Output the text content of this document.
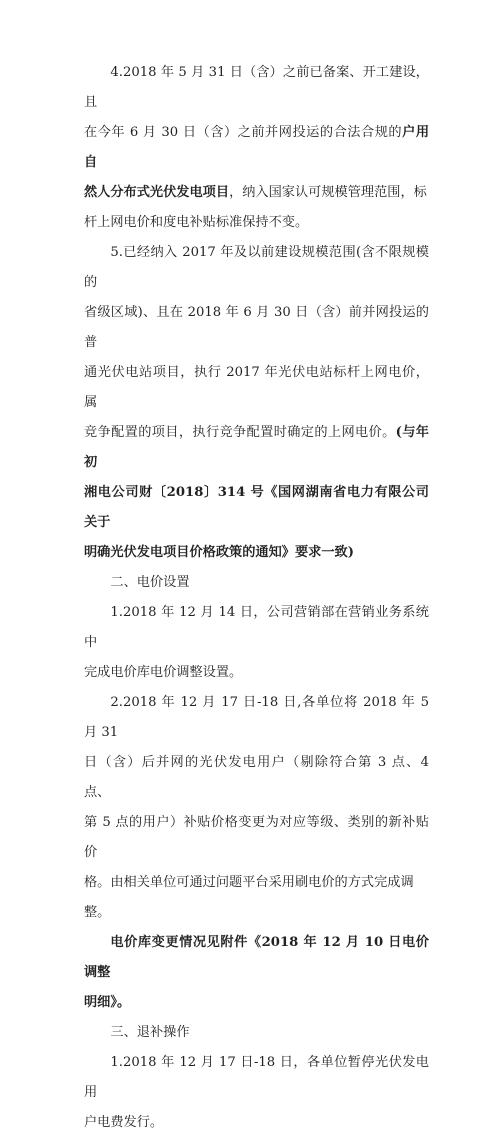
4.2018 年 5 月 31 日（含）之前已备案、开工建设，且
在今年 6 月 30 日（含）之前并网投运的合法合规的户用自
然人分布式光伏发电项目，纳入国家认可规模管理范围，标
杆上网电价和度电补贴标准保持不变。

5.已经纳入 2017 年及以前建设规模范围(含不限规模的
省级区域)、且在 2018 年 6 月 30 日（含）前并网投运的普
通光伏电站项目，执行 2017 年光伏电站标杆上网电价，属
竞争配置的项目，执行竞争配置时确定的上网电价。(与年初
湘电公司财〔2018〕314 号《国网湖南省电力有限公司关于
明确光伏发电项目价格政策的通知》要求一致)

二、电价设置

1.2018 年 12 月 14 日，公司营销部在营销业务系统中
完成电价库电价调整设置。

2.2018 年 12 月 17 日-18 日,各单位将 2018 年 5 月 31
日（含）后并网的光伏发电用户（剔除符合第 3 点、4 点、
第 5 点的用户）补贴价格变更为对应等级、类别的新补贴价
格。由相关单位可通过问题平台采用刷电价的方式完成调
整。

电价库变更情况见附件《2018 年 12 月 10 日电价调整
明细》。

三、退补操作

1.2018 年 12 月 17 日-18 日，各单位暂停光伏发电用
户电费发行。
